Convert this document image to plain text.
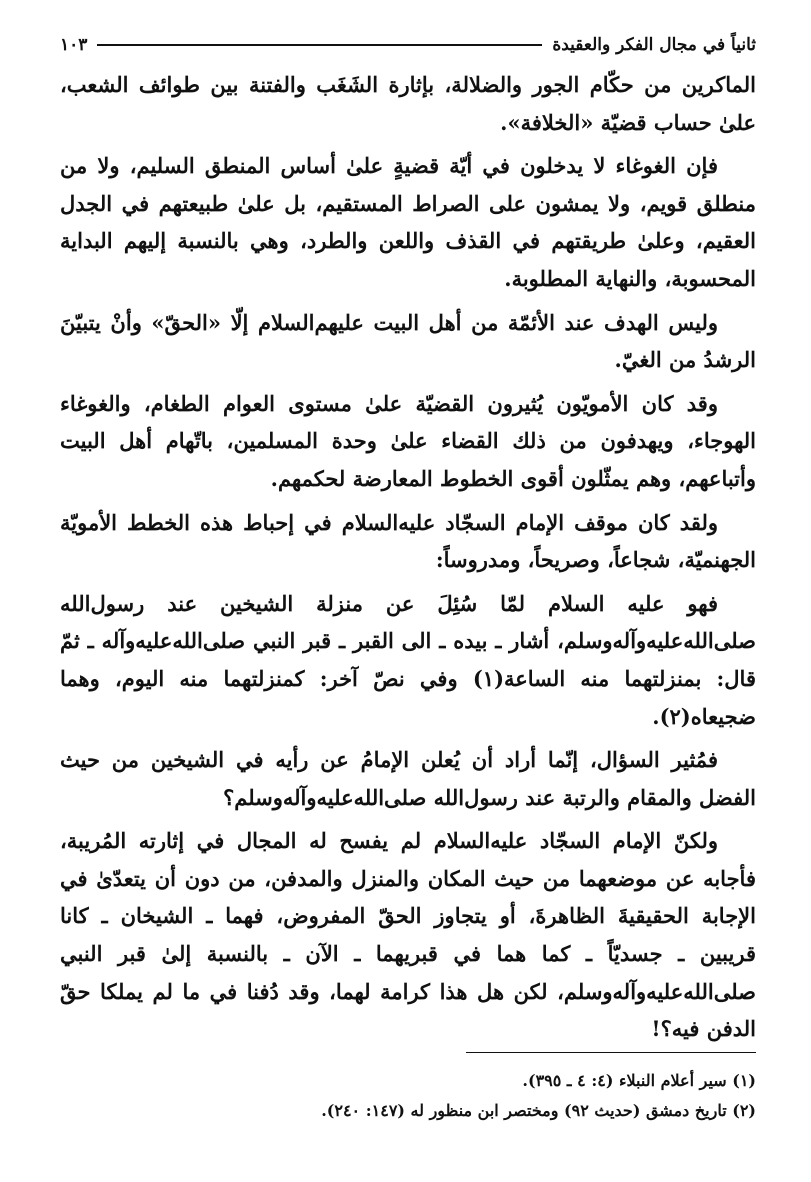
ثانياً في مجال الفكر والعقيدة
١٠٣

الماكرين من حكّام الجور والضلالة، بإثارة الشَغَب والفتنة بين طوائف الشعب، علىٰ حساب قضيّة «الخلافة».

فإن الغوغاء لا يدخلون في أيّة قضيةٍ علىٰ أساس المنطق السليم، ولا من منطلق قويم، ولا يمشون على الصراط المستقيم، بل علىٰ طبيعتهم في الجدل العقيم، وعلىٰ طريقتهم في القذف واللعن والطرد، وهي بالنسبة إليهم البداية المحسوبة، والنهاية المطلوبة.

وليس الهدف عند الأئمّة من أهل البيت عليهم‌السلام إلّا «الحقّ» وأنْ يتبيّنَ الرشدُ من الغيّ.

وقد كان الأمويّون يُثيرون القضيّة علىٰ مستوى العوام الطغام، والغوغاء الهوجاء، ويهدفون من ذلك القضاء علىٰ وحدة المسلمين، باتّهام أهل البيت وأتباعهم، وهم يمثّلون أقوى الخطوط المعارضة لحكمهم.

ولقد كان موقف الإمام السجّاد عليه‌السلام في إحباط هذه الخطط الأمويّة الجهنميّة، شجاعاً، وصريحاً، ومدروساً:

فهو عليه السلام لمّا سُئِلَ عن منزلة الشيخين عند رسول‌الله صلى‌الله‌عليه‌وآله‌وسلم، أشار ـ بيده ـ الى القبر ـ قبر النبي صلى‌الله‌عليه‌وآله ـ ثمّ قال: بمنزلتهما منه الساعة(١) وفي نصّ آخر: كمنزلتهما منه اليوم، وهما ضجيعاه(٢).

فمُثير السؤال، إنّما أراد أن يُعلن الإمامُ عن رأيه في الشيخين من حيث الفضل والمقام والرتبة عند رسول‌الله صلى‌الله‌عليه‌وآله‌وسلم؟

ولكنّ الإمام السجّاد عليه‌السلام لم يفسح له المجال في إثارته المُريبة، فأجابه عن موضعهما من حيث المكان والمنزل والمدفن، من دون أن يتعدّىٰ في الإجابة الحقيقيةَ الظاهرةَ، أو يتجاوز الحقّ المفروض، فهما ـ الشيخان ـ كانا قريبين ـ جسديّاً ـ كما هما في قبريهما ـ الآن ـ بالنسبة إلىٰ قبر النبي صلى‌الله‌عليه‌وآله‌وسلم، لكن هل هذا كرامة لهما، وقد دُفنا في ما لم يملكا حقّ الدفن فيه؟!

(١) سير أعلام النبلاء (٤: ٤ ـ ٣٩٥).
(٢) تاريخ دمشق (حديث ٩٢) ومختصر ابن منظور له (١٤٧: ٢٤٠).
